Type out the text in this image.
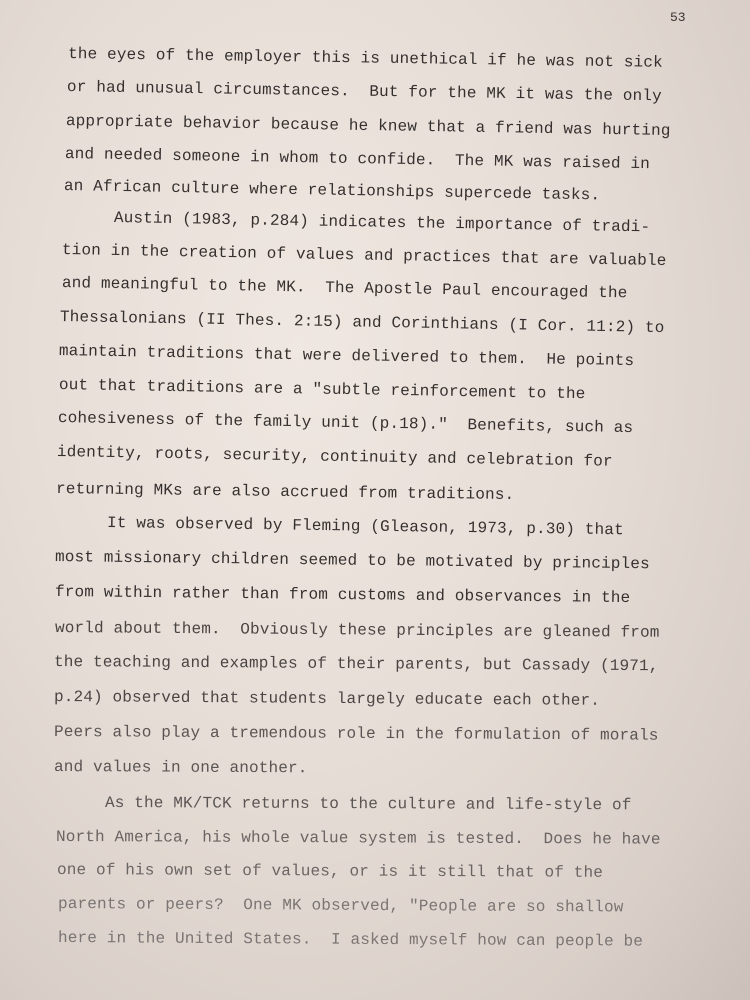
53
the eyes of the employer this is unethical if he was not sick
or had unusual circumstances.  But for the MK it was the only
appropriate behavior because he knew that a friend was hurting
and needed someone in whom to confide.  The MK was raised in
an African culture where relationships supercede tasks.
Austin (1983, p.284) indicates the importance of tradi-
tion in the creation of values and practices that are valuable
and meaningful to the MK.  The Apostle Paul encouraged the
Thessalonians (II Thes. 2:15) and Corinthians (I Cor. 11:2) to
maintain traditions that were delivered to them.  He points
out that traditions are a "subtle reinforcement to the
cohesiveness of the family unit (p.18)."  Benefits, such as
identity, roots, security, continuity and celebration for
returning MKs are also accrued from traditions.
It was observed by Fleming (Gleason, 1973, p.30) that
most missionary children seemed to be motivated by principles
from within rather than from customs and observances in the
world about them.  Obviously these principles are gleaned from
the teaching and examples of their parents, but Cassady (1971,
p.24) observed that students largely educate each other.
Peers also play a tremendous role in the formulation of morals
and values in one another.
As the MK/TCK returns to the culture and life-style of
North America, his whole value system is tested.  Does he have
one of his own set of values, or is it still that of the
parents or peers?  One MK observed, "People are so shallow
here in the United States.  I asked myself how can people be
